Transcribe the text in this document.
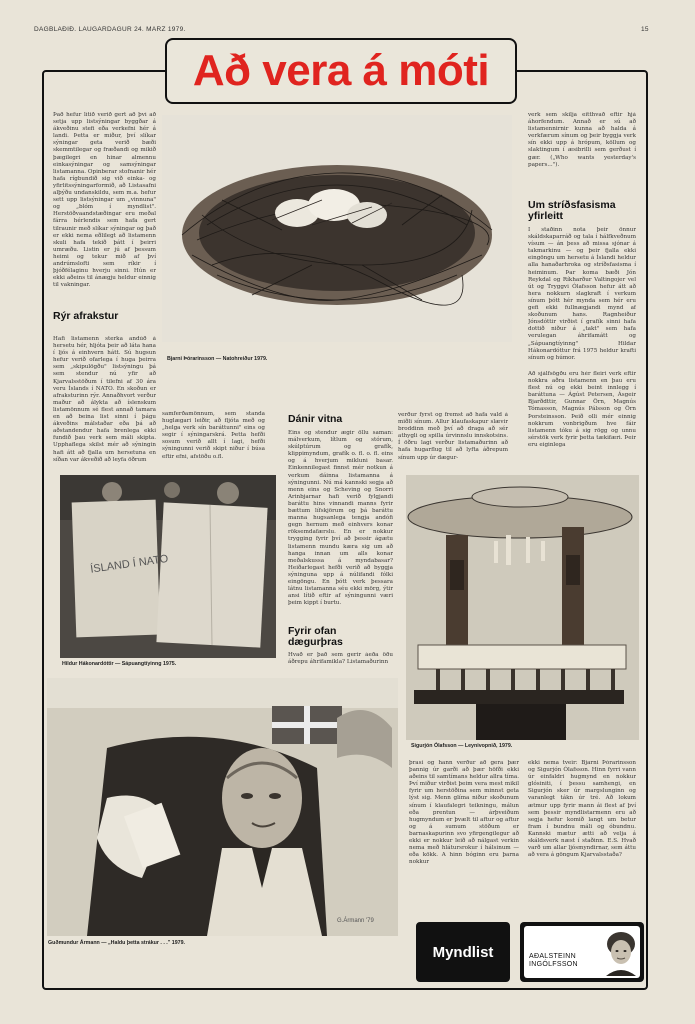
DAGBLAÐIÐ. LAUGARDAGUR 24. MARZ 1979.	15
Að vera á móti
Það hefur lítið verið gert að því að setja upp listsýningar byggðar á ákveðinu stefi eða verkefni hér á landi. Þetta er miður, því slíkar sýningar geta verið bæði skemmtilegar og fræðandi og mikið þægilegri en hinar almennu einkasýningar og samsýningar listamanna. Opinberar stofnanir hér hafa rígbundið sig við einka- og yfirlitssýningarformið, að Listasafni alþýðu undanskildu, sem m.a. hefur sett upp listsýningar um „vinnuna" og „blóm í myndlist". Herstöðvaandstæðingar eru meðal fárra hérlendis sem hafa gert tilraunir með slíkar sýningar og það er ekki nema eðlilegt að listamenn skuli hafa tekið þátt í þeirri umræðu. Listin er jú af þessum heimi og tekur mið af því andrúmslofti sem ríkir í þjóðfélaginu hverju sinni. Hún er ekki aðeins til ánægju heldur einnig til vakningar.
Rýr afrakstur
Hafi listamenn sterka andúð á hersetu hér, hljóta þeir að láta hana í ljós á einhvern hátt. Sú hugsun hefur verið ofarlega í huga þeirra sem „skipulögðu" listsýningu þá sem stendur nú yfir að Kjarvalsstöðum í tilefni af 30 ára veru Íslands í NATO. En skoðun er afraksturinn rýr. Annaðhvort verður maður að álykta að íslenskum listamönnum sé flest annað tamara en að beina list sinni í þágu ákveðins málstaðar eða þá að aðstandendur hafa brenlega ekki fundið þau verk sem máli skipta. Upphaflega skilst mér að sýningin hafi átt að fjalla um hersetuna en síðan var ákveðið að leyfa öðrum
Bjarni Þórarinsson — Natohreiður 1979.
samferðamönnum, sem standa huglægari leiðir, að fljóta með og „helga verk sín baráttunni" eins og segir í sýningarskrá. Þetta hefði sosum verið allt í lagi, hefði sýningunni verið skipt niður í búsa eftir efni, afstöðu o.fl.
Dánir vitna
Eins og stendur ægir öllu saman: málverkum, lítlum og stórum, skúlptúrum og grafík, klippimyndum, grafík o. fl. o. fl. eins og á hverjum mikluni basar. Einkennilegast finnst mér notkun á verkum dáinna listamanna á sýningunni. Nú má kannski segja að menn eins og Scheving og Snorri Arinbjarnar hafi verið fylgjandi baráttu hins vinnandi manns fyrir bættum lífskjörum og þá baráttu manna hugsanlega tengja andófi gegn hernum með einhvers konar röksemdafærslu. En er nokkur trygging fyrir því að þessir ágætu listamenn mundu kæra sig um að hanga innan um alls konar meðalskussa á myndabasar? Heiðarlegast hefði verið að byggja sýninguna upp á núlifandi fólki eingöngu. En þótt verk þessara látnu listamanna séu ekki mörg, ýtir ansi lítið eftir af sýningunni væri þeim kippt í burtu.
Fyrir ofan dægurþras
Hvað er það sem gerir áeða öðu áðrepu áhrifamikla? Listamaðurinn
verður fyrst og fremst að hafa vald á miðli sínum. Allur klaufaskapur slævir broddinn með því að draga að sér athygli og spilla úrvinnslu innskotsins. Í öðru lagi verður listamaðurinn að hafa hugarflug til að lyfta áðrepum sínum upp úr dægur-
ÍSLAND Í NATO
Hildur Hákonardóttir — Sápuangtíyinng 1975.
Sigurjón Ólafsson — Leynivopnið, 1979.
verk sem skilja eitthvað eftir hjá áhorfendum. Annað er sú að listamennirnir kunna að halda á verkfærum sínum og þeir byggja verk sín ekki upp á hrópum, köllum og slaktingum í æsibrilli sem gerðust í gær. („Who wants yesterday's papers...").
Um stríðsfasisma yfirleitt
Í staðinn nota þeir önnur skáldskaparráð og tala í hálfkveðnum vísum — án þess að missa sjónar á takmarkinu — og þeir fjalla ekki eingöngu um hersetu á Íslandi heldur alla hanaðarhroka og stríðsfasisma í heiminum. Þar koma bæði Jón Reykdal og Ríkharður Valtingojer vel út og Tryggvi Ólafsson hefur átt að hera nokkurn slagkraft í verkum sínum þótt hér mynda sem hér eru gefi ekki fullnægjandi mynd af skoðunum hans. Ragnheiður Jónsdóttir virðist í grafík sinni hafa dottið niður á „takt" sem hafa verulegan áhrifamátt og „Sápuangtíyinng" Hildar Hákonardóttur frá 1975 heldur krafti sínum og húmor.
Að sjálfsögðu eru hér fleiri verk eftir nokkra aðra listamenn en þau eru flest nú og ekki beint innlegg í baráttuna — Ágúst Petersen, Ásgeir Bjarðdttir, Gunnar Örn, Magnús Tómasson, Magnús Pálsson og Örn Þorsteinsson. Þeið olli mér einnig nokkrum vonbrigðum hve fáir listamenn tóku á sig rögg og unnu sérstök verk fyrir þetta tækifæri. Þeir eru eiginlega
G.Ármann '79
Guðmundur Ármann — „Haldu þetta strákur . . ." 1979.
þrasi og hann verður að gera þær þannig úr garði að þær höfði ekki aðeins til samtímans heldur allra tíma. Því miður virðist þeim vera mest mikil fyrir um herstöðina sem minnst geta lýst sig. Menn glíma niður skoðunum sínum í klaufalegri teikningu, málun eða prentun — árþveiðum hugmyndum er þvælt til aftur og aftur og á sumum stöðum er barnaskapurinn svo yfirgengilegur að ekki er nokkur leið að nálgast verkin nema með hlátursrokur í hálsinum — eða kökk. A hinn bóginn eru þarna nokkur
ekki nema tveir: Bjarni Þórarinsson og Sigurjón Ólafsson. Hinn fyrri vann úr einfaldri hugmynd en nokkur glósiniti, í þessu samhengi, en Sigurjón sker úr margslunginn og varanlegt tákn úr tré. Að lokum ætmur upp fyrir mann ái flest af því sem þessir myndlistarmenn eru að segja hefur komið langt um betur fram í bundnu máli og óbundnu. Kannski mætur ætti að velja á skáldsverk næst í staðinn. E.S. Hvað varð um allar ljósmyndirnar, sem áttu að vera á göngum Kjarvalsstaða?
Myndlist	AÐALSTEINN
INGÓLFSSON
